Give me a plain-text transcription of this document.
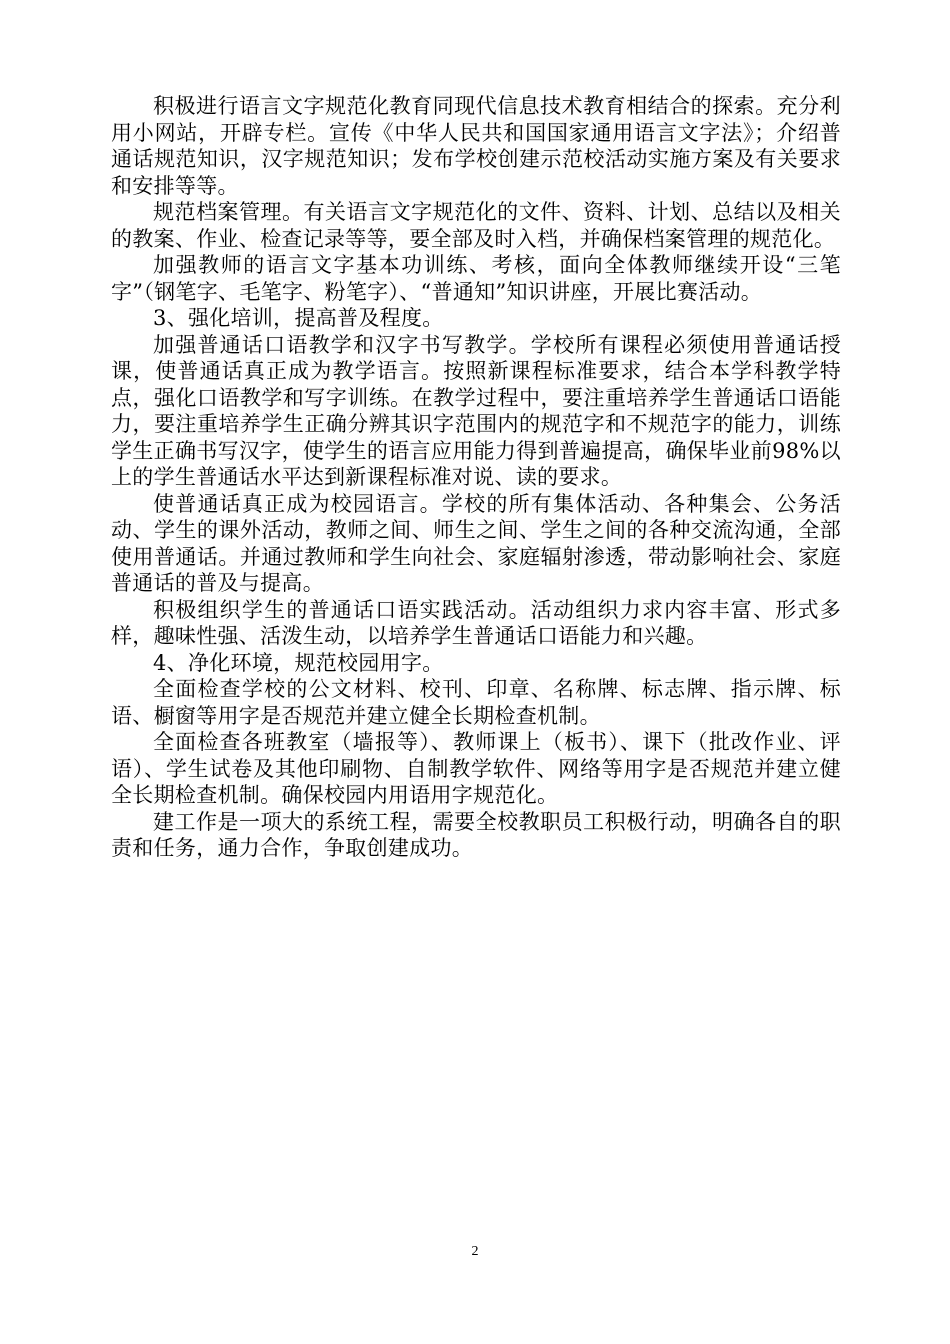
积极进行语言文字规范化教育同现代信息技术教育相结合的探索。充分利用小网站，开辟专栏。宣传《中华人民共和国国家通用语言文字法》；介绍普通话规范知识，汉字规范知识；发布学校创建示范校活动实施方案及有关要求和安排等等。

规范档案管理。有关语言文字规范化的文件、资料、计划、总结以及相关的教案、作业、检查记录等等，要全部及时入档，并确保档案管理的规范化。

加强教师的语言文字基本功训练、考核，面向全体教师继续开设“三笔字”（钢笔字、毛笔字、粉笔字）、“普通知”知识讲座，开展比赛活动。

3、强化培训，提高普及程度。

加强普通话口语教学和汉字书写教学。学校所有课程必须使用普通话授课，使普通话真正成为教学语言。按照新课程标准要求，结合本学科教学特点，强化口语教学和写字训练。在教学过程中，要注重培养学生普通话口语能力，要注重培养学生正确分辨其识字范围内的规范字和不规范字的能力，训练学生正确书写汉字，使学生的语言应用能力得到普遍提高，确保毕业前98%以上的学生普通话水平达到新课程标准对说、读的要求。

使普通话真正成为校园语言。学校的所有集体活动、各种集会、公务活动、学生的课外活动，教师之间、师生之间、学生之间的各种交流沟通，全部使用普通话。并通过教师和学生向社会、家庭辐射渗透，带动影响社会、家庭普通话的普及与提高。

积极组织学生的普通话口语实践活动。活动组织力求内容丰富、形式多样，趣味性强、活泼生动，以培养学生普通话口语能力和兴趣。

4、净化环境，规范校园用字。

全面检查学校的公文材料、校刊、印章、名称牌、标志牌、指示牌、标语、橱窗等用字是否规范并建立健全长期检查机制。

全面检查各班教室（墙报等）、教师课上（板书）、课下（批改作业、评语）、学生试卷及其他印刷物、自制教学软件、网络等用字是否规范并建立健全长期检查机制。确保校园内用语用字规范化。

建工作是一项大的系统工程，需要全校教职员工积极行动，明确各自的职责和任务，通力合作，争取创建成功。

2
